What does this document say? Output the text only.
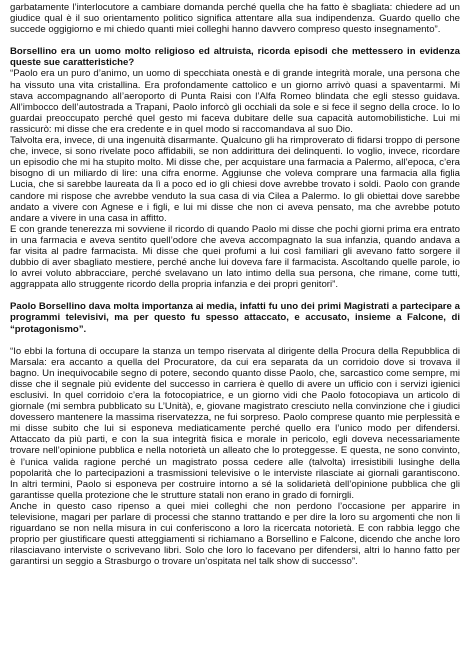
garbatamente l’interlocutore a cambiare domanda perché quella che ha fatto è sbagliata: chiedere ad un giudice qual è il suo orientamento politico significa attentare alla sua indipendenza. Guardo quello che succede oggigiorno e mi chiedo quanti miei colleghi hanno davvero compreso questo insegnamento”.

Borsellino era un uomo molto religioso ed altruista, ricorda episodi che mettessero in evidenza queste sue caratteristiche?

“Paolo era un puro d’animo, un uomo di specchiata onestà e di grande integrità morale, una persona che ha vissuto una vita cristallina. Era profondamente cattolico e un giorno arrivò quasi a spaventarmi. Mi stava accompagnando all’aeroporto di Punta Raisi con l’Alfa Romeo blindata che egli stesso guidava. All’imbocco dell’autostrada a Trapani, Paolo inforcò gli occhiali da sole e si fece il segno della croce. Io lo guardai preoccupato perché quel gesto mi faceva dubitare delle sua capacità automobilistiche. Lui mi rassicurò: mi disse che era credente e in quel modo si raccomandava al suo Dio.

Talvolta era, invece, di una ingenuità disarmante. Qualcuno gli ha rimproverato di fidarsi troppo di persone che, invece, si sono rivelate poco affidabili, se non addirittura dei delinquenti. Io voglio, invece, ricordare un episodio che mi ha stupito molto. Mi disse che, per acquistare una farmacia a Palermo, all’epoca, c’era bisogno di un miliardo di lire: una cifra enorme. Aggiunse che voleva comprare una farmacia alla figlia Lucia, che si sarebbe laureata da lì a poco ed io gli chiesi dove avrebbe trovato i soldi. Paolo con grande candore mi rispose che avrebbe venduto la sua casa di via Cilea a Palermo. Io gli obiettai dove sarebbe andato a vivere con Agnese e i figli, e lui mi disse che non ci aveva pensato, ma che avrebbe potuto andare a vivere in una casa in affitto.

E con grande tenerezza mi sovviene il ricordo di quando Paolo mi disse che pochi giorni prima era entrato in una farmacia e aveva sentito quell’odore che aveva accompagnato la sua infanzia, quando andava a far visita al padre farmacista. Mi disse che quei profumi a lui così familiari gli avevano fatto sorgere il dubbio di aver sbagliato mestiere, perché anche lui doveva fare il farmacista. Ascoltando quelle parole, io lo avrei voluto abbracciare, perché svelavano un lato intimo della sua persona, che rimane, come tutti, aggrappata allo struggente ricordo della propria infanzia e dei propri genitori”.

Paolo Borsellino dava molta importanza ai media, infatti fu uno dei primi Magistrati a partecipare a programmi televisivi, ma per questo fu spesso attaccato, e accusato, insieme a Falcone, di “protagonismo”.

“Io ebbi la fortuna di occupare la stanza un tempo riservata al dirigente della Procura della Repubblica di Marsala: era accanto a quella del Procuratore, da cui era separata da un corridoio dove si trovava il bagno. Un inequivocabile segno di potere, secondo quanto disse Paolo, che, sarcastico come sempre, mi disse che il segnale più evidente del successo in carriera è quello di avere un ufficio con i servizi igienici esclusivi. In quel corridoio c’era la fotocopiatrice, e un giorno vidi che Paolo fotocopiava un articolo di giornale (mi sembra pubblicato su L’Unità), e, giovane magistrato cresciuto nella convinzione che i giudici dovessero mantenere la massima riservatezza, ne fui sorpreso. Paolo comprese quanto mie perplessità e mi disse subito che lui si esponeva mediaticamente perché quello era l’unico modo per difendersi. Attaccato da più parti, e con la sua integrità fisica e morale in pericolo, egli doveva necessariamente trovare nell’opinione pubblica e nella notorietà un alleato che lo proteggesse. E questa, ne sono convinto, è l’unica valida ragione perché un magistrato possa cedere alle (talvolta) irresistibili lusinghe della popolarità che lo partecipazioni a trasmissioni televisive o le interviste rilasciate ai giornali garantiscono. In altri termini, Paolo si esponeva per costruire intorno a sé la solidarietà dell’opinione pubblica che gli garantisse quella protezione che le strutture statali non erano in grado di fornirgli.

Anche in questo caso ripenso a quei miei colleghi che non perdono l’occasione per apparire in televisione, magari per parlare di processi che stanno trattando e per dire la loro su argomenti che non li riguardano se non nella misura in cui conferiscono a loro la ricercata notorietà. E con rabbia leggo che proprio per giustificare questi atteggiamenti si richiamano a Borsellino e Falcone, dicendo che anche loro rilasciavano interviste o scrivevano libri. Solo che loro lo facevano per difendersi, altri lo hanno fatto per garantirsi un seggio a Strasburgo o trovare un’ospitata nel talk show di successo”.
